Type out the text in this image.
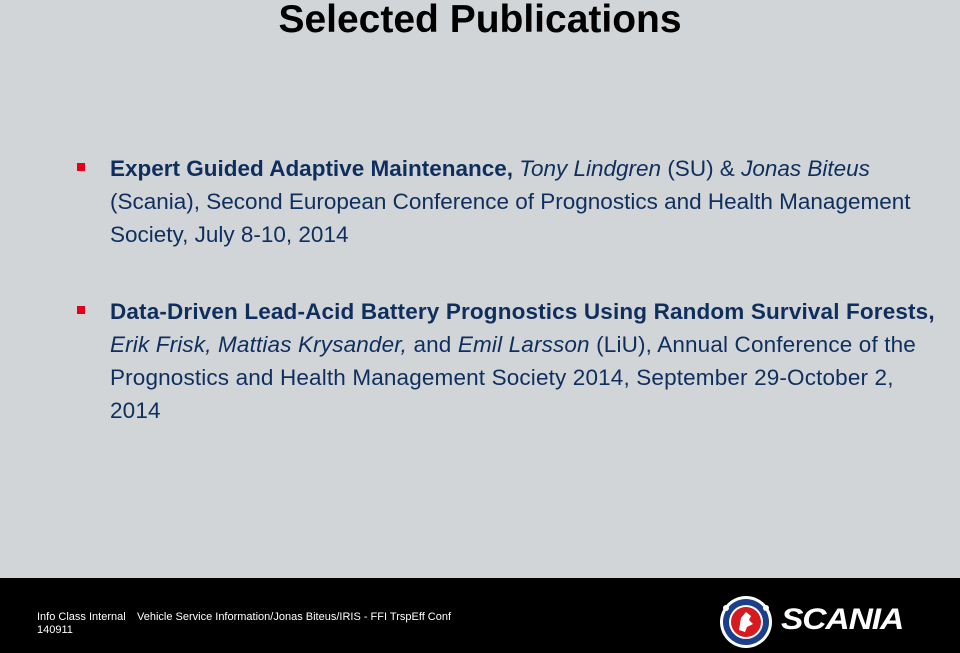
Selected Publications
Expert Guided Adaptive Maintenance, Tony Lindgren (SU) & Jonas Biteus (Scania), Second European Conference of Prognostics and Health Management Society, July 8-10, 2014
Data-Driven Lead-Acid Battery Prognostics Using Random Survival Forests, Erik Frisk, Mattias Krysander, and Emil Larsson (LiU), Annual Conference of the Prognostics and Health Management Society 2014, September 29-October 2, 2014
Info Class Internal
140911
Vehicle Service Information/Jonas Biteus/IRIS - FFI TrspEff Conf	SCANIA
